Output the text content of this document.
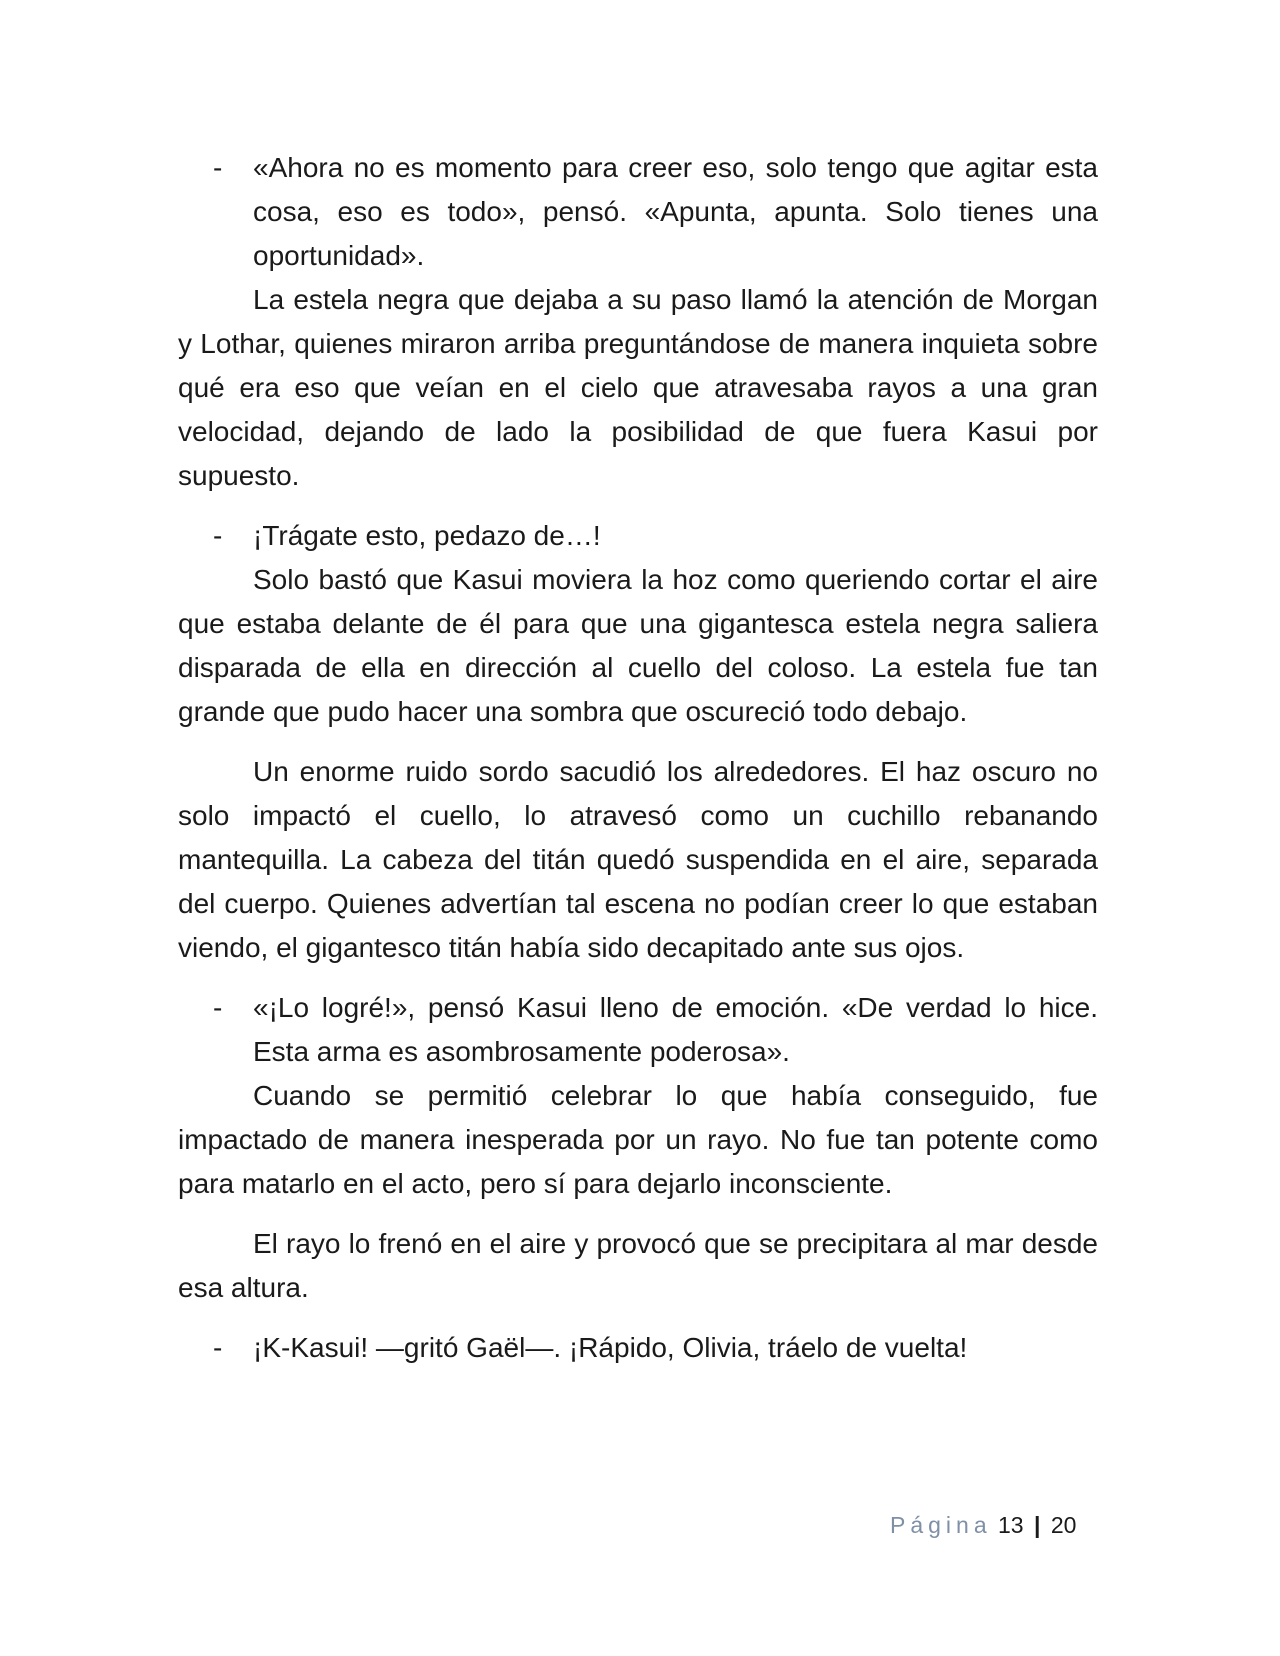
- «Ahora no es momento para creer eso, solo tengo que agitar esta cosa, eso es todo», pensó. «Apunta, apunta. Solo tienes una oportunidad».

La estela negra que dejaba a su paso llamó la atención de Morgan y Lothar, quienes miraron arriba preguntándose de manera inquieta sobre qué era eso que veían en el cielo que atravesaba rayos a una gran velocidad, dejando de lado la posibilidad de que fuera Kasui por supuesto.

- ¡Trágate esto, pedazo de…!

Solo bastó que Kasui moviera la hoz como queriendo cortar el aire que estaba delante de él para que una gigantesca estela negra saliera disparada de ella en dirección al cuello del coloso. La estela fue tan grande que pudo hacer una sombra que oscureció todo debajo.

Un enorme ruido sordo sacudió los alrededores. El haz oscuro no solo impactó el cuello, lo atravesó como un cuchillo rebanando mantequilla. La cabeza del titán quedó suspendida en el aire, separada del cuerpo. Quienes advertían tal escena no podían creer lo que estaban viendo, el gigantesco titán había sido decapitado ante sus ojos.

- «¡Lo logré!», pensó Kasui lleno de emoción. «De verdad lo hice. Esta arma es asombrosamente poderosa».

Cuando se permitió celebrar lo que había conseguido, fue impactado de manera inesperada por un rayo. No fue tan potente como para matarlo en el acto, pero sí para dejarlo inconsciente.

El rayo lo frenó en el aire y provocó que se precipitara al mar desde esa altura.

- ¡K-Kasui! —gritó Gaël—. ¡Rápido, Olivia, tráelo de vuelta!
Página 13 | 20
